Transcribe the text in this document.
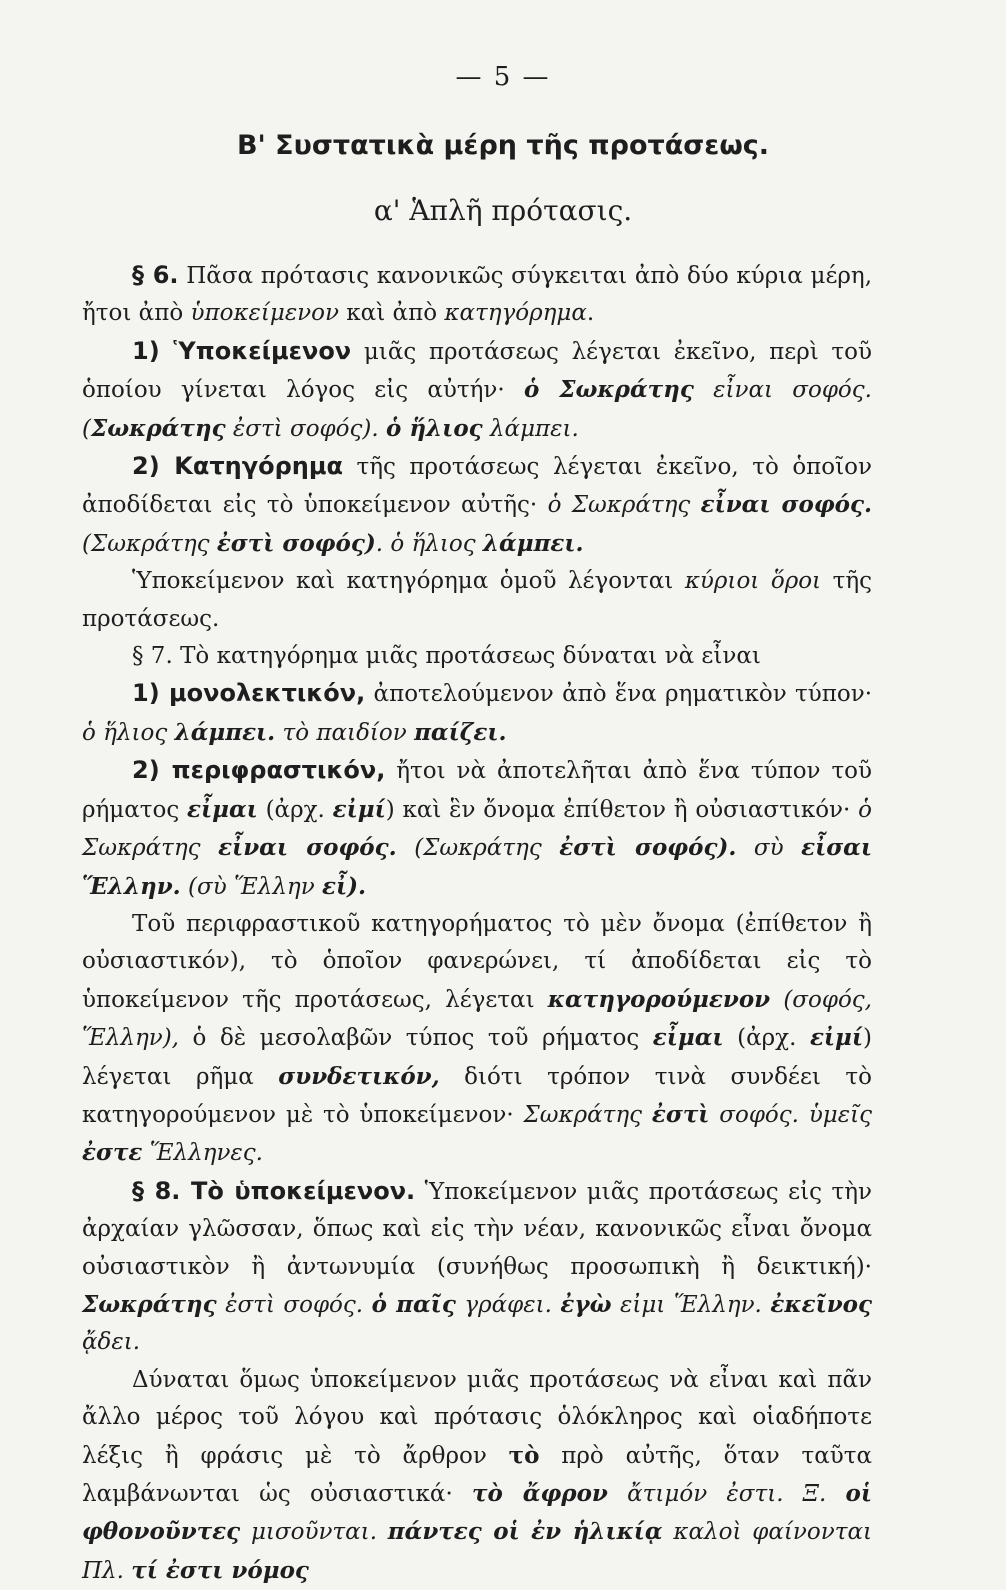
— 5 —
Β' Συστατικὰ μέρη τῆς προτάσεως.
α' Ἁπλῆ πρότασις.

§ 6. Πᾶσα πρότασις κανονικῶς σύγκειται ἀπὸ δύο κύρια μέρη, ἤτοι ἀπὸ ὑποκείμενον καὶ ἀπὸ κατηγόρημα.

1) Ὑποκείμενον μιᾶς προτάσεως λέγεται ἐκεῖνο, περὶ τοῦ ὁποίου γίνεται λόγος εἰς αὐτήν· ὁ Σωκράτης εἶναι σοφός. (Σωκράτης ἐστὶ σοφός). ὁ ἥλιος λάμπει.

2) Κατηγόρημα τῆς προτάσεως λέγεται ἐκεῖνο, τὸ ὁποῖον ἀποδίδεται εἰς τὸ ὑποκείμενον αὐτῆς· ὁ Σωκράτης εἶναι σοφός. (Σωκράτης ἐστὶ σοφός). ὁ ἥλιος λάμπει.

Ὑποκείμενον καὶ κατηγόρημα ὁμοῦ λέγονται κύριοι ὅροι τῆς προτάσεως.

§ 7. Τὸ κατηγόρημα μιᾶς προτάσεως δύναται νὰ εἶναι

1) μονολεκτικόν, ἀποτελούμενον ἀπὸ ἕνα ρηματικὸν τύπον· ὁ ἥλιος λάμπει. τὸ παιδίον παίζει.

2) περιφραστικόν, ἤτοι νὰ ἀποτελῆται ἀπὸ ἕνα τύπον τοῦ ρήματος εἶμαι (ἀρχ. εἰμί) καὶ ἓν ὄνομα ἐπίθετον ἢ οὐσιαστικόν· ὁ Σωκράτης εἶναι σοφός. (Σωκράτης ἐστὶ σοφός). σὺ εἶσαι Ἕλλην. (σὺ Ἕλλην εἶ).

Τοῦ περιφραστικοῦ κατηγορήματος τὸ μὲν ὄνομα (ἐπίθετον ἢ οὐσιαστικόν), τὸ ὁποῖον φανερώνει, τί ἀποδίδεται εἰς τὸ ὑποκείμενον τῆς προτάσεως, λέγεται κατηγορούμενον (σοφός, Ἕλλην), ὁ δὲ μεσολαβῶν τύπος τοῦ ρήματος εἶμαι (ἀρχ. εἰμί) λέγεται ρῆμα συνδετικόν, διότι τρόπον τινὰ συνδέει τὸ κατηγορούμενον μὲ τὸ ὑποκείμενον· Σωκράτης ἐστὶ σοφός. ὑμεῖς ἐστε Ἕλληνες.

§ 8. Τὸ ὑποκείμενον. Ὑποκείμενον μιᾶς προτάσεως εἰς τὴν ἀρχαίαν γλῶσσαν, ὅπως καὶ εἰς τὴν νέαν, κανονικῶς εἶναι ὄνομα οὐσιαστικὸν ἢ ἀντωνυμία (συνήθως προσωπικὴ ἢ δεικτική)· Σωκράτης ἐστὶ σοφός. ὁ παῖς γράφει. ἐγὼ εἰμι Ἕλλην. ἐκεῖνος ᾄδει.

Δύναται ὅμως ὑποκείμενον μιᾶς προτάσεως νὰ εἶναι καὶ πᾶν ἄλλο μέρος τοῦ λόγου καὶ πρότασις ὁλόκληρος καὶ οἱαδήποτε λέξις ἢ φράσις μὲ τὸ ἄρθρον τὸ πρὸ αὐτῆς, ὅταν ταῦτα λαμβάνωνται ὡς οὐσιαστικά· τὸ ἄφρον ἄτιμόν ἐστι. Ξ. οἱ φθονοῦντες μισοῦνται. πάντες οἱ ἐν ἡλικίᾳ καλοὶ φαίνονται Πλ. τί ἐστι νόμος
